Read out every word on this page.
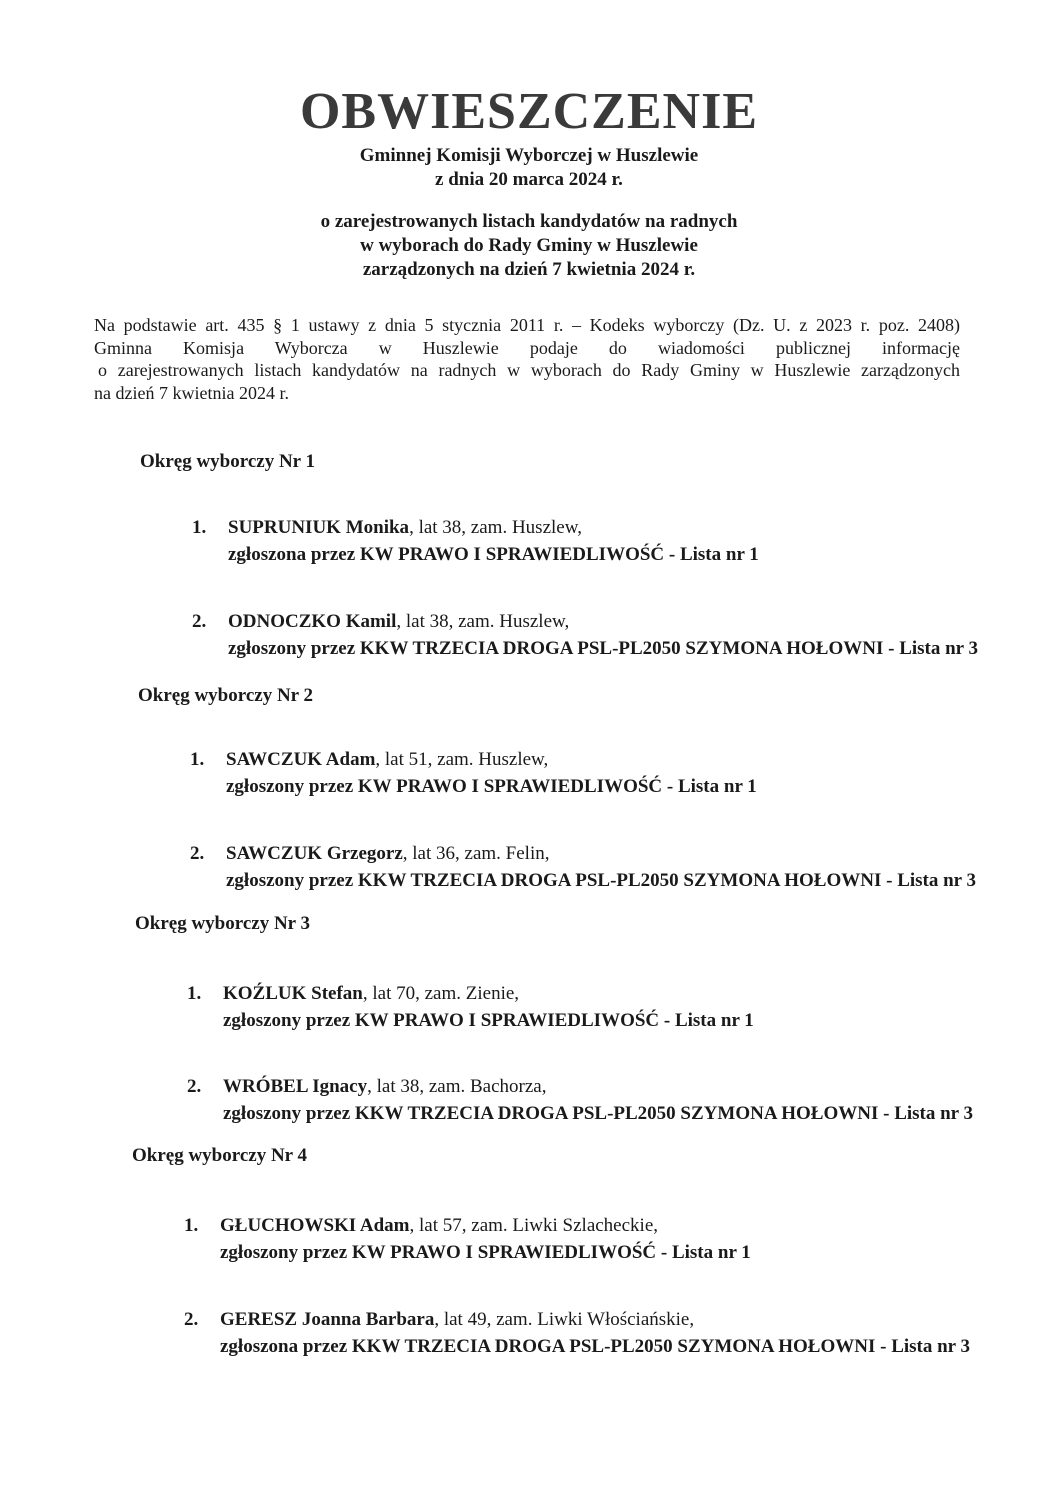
OBWIESZCZENIE
Gminnej Komisji Wyborczej w Huszlewie
z dnia 20 marca 2024 r.
o zarejestrowanych listach kandydatów na radnych
w wyborach do Rady Gminy w Huszlewie
zarządzonych na dzień 7 kwietnia 2024 r.
Na podstawie art. 435 § 1 ustawy z dnia 5 stycznia 2011 r. – Kodeks wyborczy (Dz. U. z 2023 r. poz. 2408)
Gminna Komisja Wyborcza w Huszlewie podaje do wiadomości publicznej informację
o zarejestrowanych listach kandydatów na radnych w wyborach do Rady Gminy w Huszlewie zarządzonych
na dzień 7 kwietnia 2024 r.
Okręg wyborczy Nr 1
1. SUPRUNIUK Monika, lat 38, zam. Huszlew,
zgłoszona przez KW PRAWO I SPRAWIEDLIWOŚĆ - Lista nr 1
2. ODNOCZKO Kamil, lat 38, zam. Huszlew,
zgłoszony przez KKW TRZECIA DROGA PSL-PL2050 SZYMONA HOŁOWNI - Lista nr 3
Okręg wyborczy Nr 2
1. SAWCZUK Adam, lat 51, zam. Huszlew,
zgłoszony przez KW PRAWO I SPRAWIEDLIWOŚĆ - Lista nr 1
2. SAWCZUK Grzegorz, lat 36, zam. Felin,
zgłoszony przez KKW TRZECIA DROGA PSL-PL2050 SZYMONA HOŁOWNI - Lista nr 3
Okręg wyborczy Nr 3
1. KOŹLUK Stefan, lat 70, zam. Zienie,
zgłoszony przez KW PRAWO I SPRAWIEDLIWOŚĆ - Lista nr 1
2. WRÓBEL Ignacy, lat 38, zam. Bachorza,
zgłoszony przez KKW TRZECIA DROGA PSL-PL2050 SZYMONA HOŁOWNI - Lista nr 3
Okręg wyborczy Nr 4
1. GŁUCHOWSKI Adam, lat 57, zam. Liwki Szlacheckie,
zgłoszony przez KW PRAWO I SPRAWIEDLIWOŚĆ - Lista nr 1
2. GERESZ Joanna Barbara, lat 49, zam. Liwki Włościańskie,
zgłoszona przez KKW TRZECIA DROGA PSL-PL2050 SZYMONA HOŁOWNI - Lista nr 3
